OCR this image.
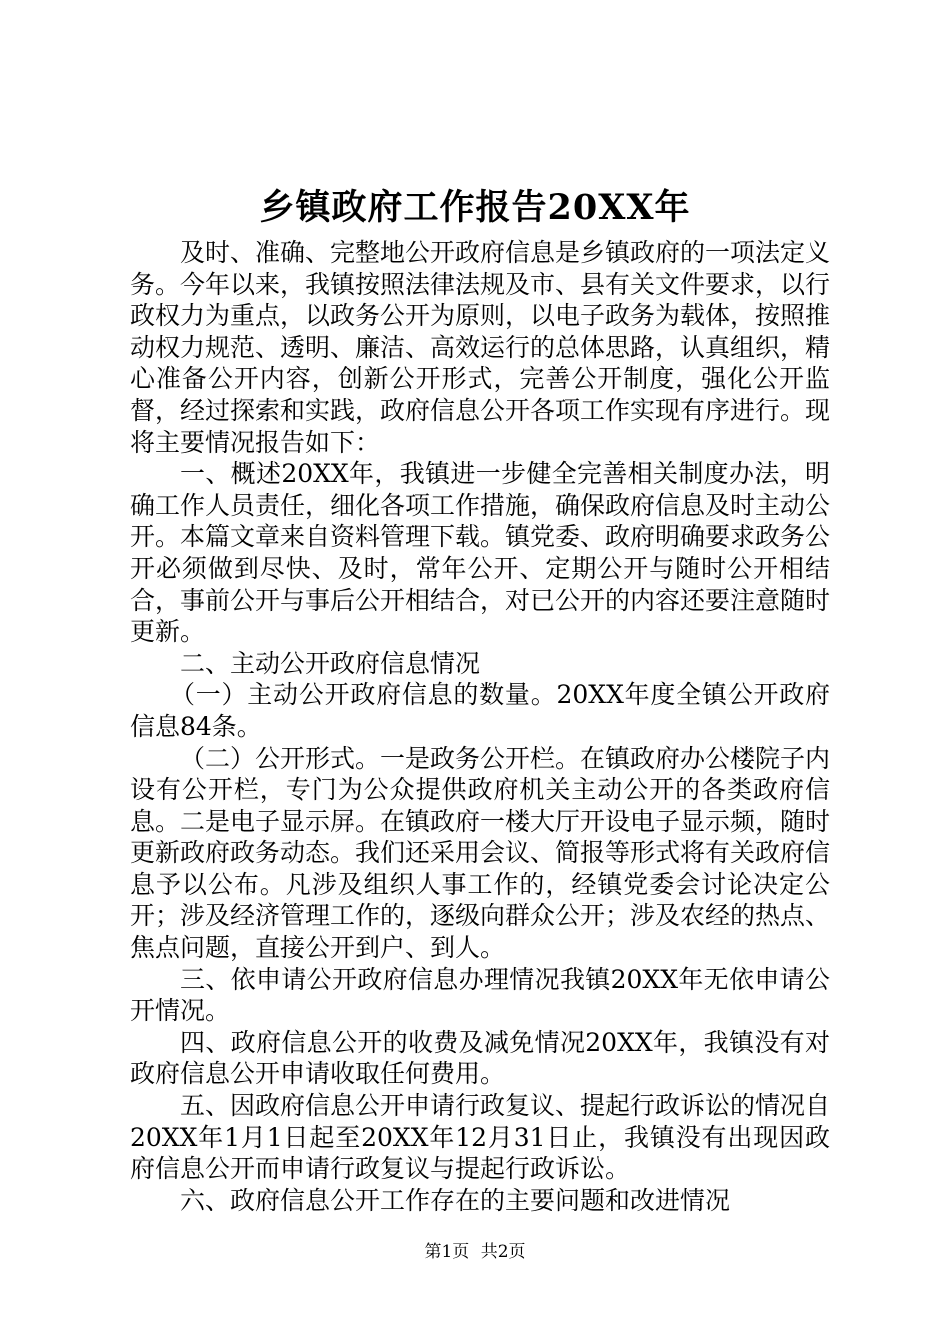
乡镇政府工作报告20XX年

及时、准确、完整地公开政府信息是乡镇政府的一项法定义务。今年以来，我镇按照法律法规及市、县有关文件要求，以行政权力为重点，以政务公开为原则，以电子政务为载体，按照推动权力规范、透明、廉洁、高效运行的总体思路，认真组织，精心准备公开内容，创新公开形式，完善公开制度，强化公开监督，经过探索和实践，政府信息公开各项工作实现有序进行。现将主要情况报告如下：

一、概述20XX年，我镇进一步健全完善相关制度办法，明确工作人员责任，细化各项工作措施，确保政府信息及时主动公开。本篇文章来自资料管理下载。镇党委、政府明确要求政务公开必须做到尽快、及时，常年公开、定期公开与随时公开相结合，事前公开与事后公开相结合，对已公开的内容还要注意随时更新。

二、主动公开政府信息情况

（一）主动公开政府信息的数量。20XX年度全镇公开政府信息84条。

（二）公开形式。一是政务公开栏。在镇政府办公楼院子内设有公开栏，专门为公众提供政府机关主动公开的各类政府信息。二是电子显示屏。在镇政府一楼大厅开设电子显示频，随时更新政府政务动态。我们还采用会议、简报等形式将有关政府信息予以公布。凡涉及组织人事工作的，经镇党委会讨论决定公开；涉及经济管理工作的，逐级向群众公开；涉及农经的热点、焦点问题，直接公开到户、到人。

三、依申请公开政府信息办理情况我镇20XX年无依申请公开情况。

四、政府信息公开的收费及减免情况20XX年，我镇没有对政府信息公开申请收取任何费用。

五、因政府信息公开申请行政复议、提起行政诉讼的情况自20XX年1月1日起至20XX年12月31日止，我镇没有出现因政府信息公开而申请行政复议与提起行政诉讼。

六、政府信息公开工作存在的主要问题和改进情况

第1页 共2页
